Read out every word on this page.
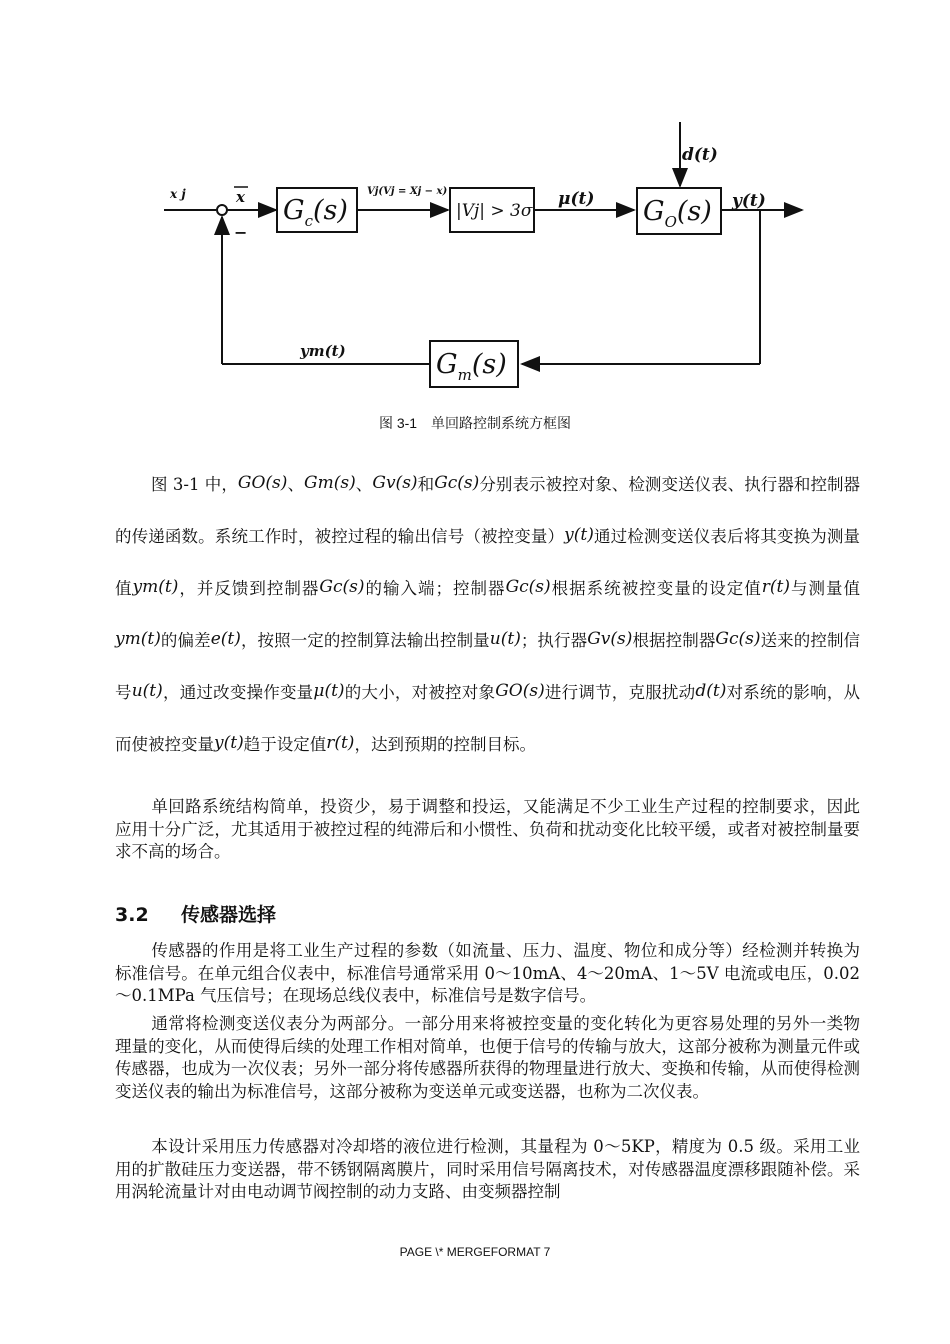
x j	x
−
$G_c(s)$
Vj(Vj = Xj − x)
|Vj| > 3σ
μ(t)
d(t)
$G_O(s)$ y(t)
$G_m(s)$
ym(t)
图 3-1　单回路控制系统方框图

图 3-1 中，GO(s)、Gm(s)、Gv(s)和Gc(s)分别表示被控对象、检测变送仪表、执行器和控制器的传递函数。系统工作时，被控过程的输出信号（被控变量）y(t)通过检测变送仪表后将其变换为测量值ym(t)，并反馈到控制器Gc(s)的输入端；控制器Gc(s)根据系统被控变量的设定值r(t)与测量值ym(t)的偏差e(t)，按照一定的控制算法输出控制量u(t)；执行器Gv(s)根据控制器Gc(s)送来的控制信号u(t)，通过改变操作变量μ(t)的大小，对被控对象GO(s)进行调节，克服扰动d(t)对系统的影响，从而使被控变量y(t)趋于设定值r(t)，达到预期的控制目标。

单回路系统结构简单，投资少，易于调整和投运，又能满足不少工业生产过程的控制要求，因此应用十分广泛，尤其适用于被控过程的纯滞后和小惯性、负荷和扰动变化比较平缓，或者对被控制量要求不高的场合。

3.2 传感器选择

传感器的作用是将工业生产过程的参数（如流量、压力、温度、物位和成分等）经检测并转换为标准信号。在单元组合仪表中，标准信号通常采用 0～10mA、4～20mA、1～5V 电流或电压，0.02～0.1MPa 气压信号；在现场总线仪表中，标准信号是数字信号。

通常将检测变送仪表分为两部分。一部分用来将被控变量的变化转化为更容易处理的另外一类物理量的变化，从而使得后续的处理工作相对简单，也便于信号的传输与放大，这部分被称为测量元件或传感器，也成为一次仪表；另外一部分将传感器所获得的物理量进行放大、变换和传输，从而使得检测变送仪表的输出为标准信号，这部分被称为变送单元或变送器，也称为二次仪表。

本设计采用压力传感器对冷却塔的液位进行检测，其量程为 0～5KP，精度为 0.5 级。采用工业用的扩散硅压力变送器，带不锈钢隔离膜片，同时采用信号隔离技术，对传感器温度漂移跟随补偿。采用涡轮流量计对由电动调节阀控制的动力支路、由变频器控制

PAGE \* MERGEFORMAT 7
